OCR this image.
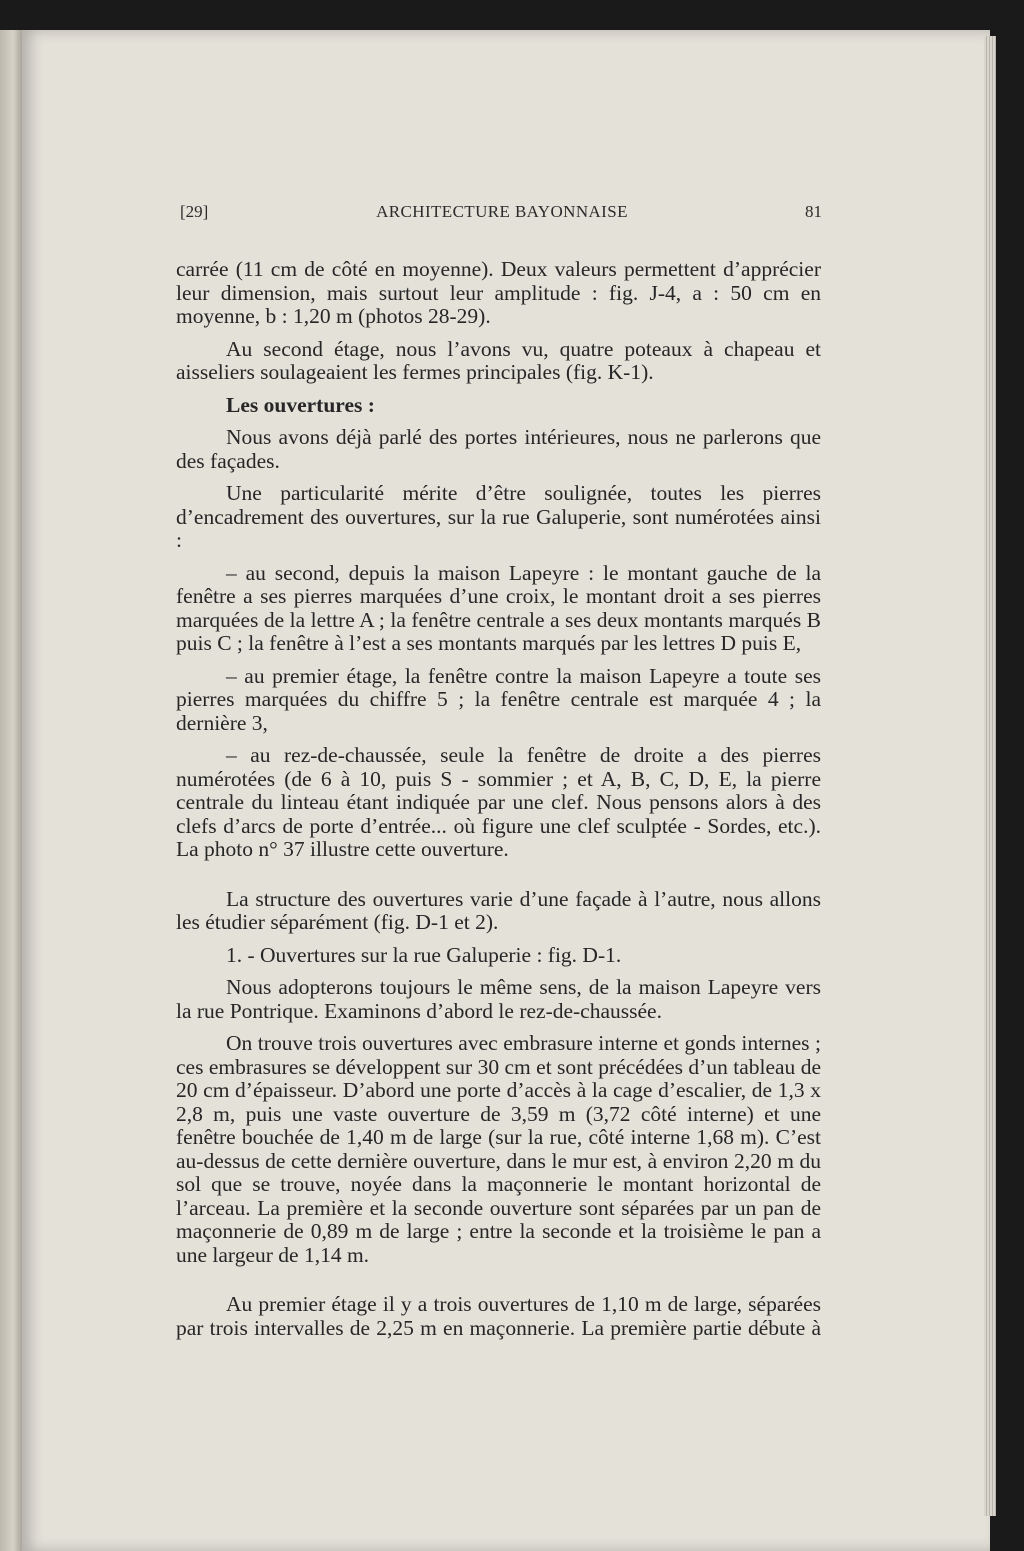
[29]	ARCHITECTURE BAYONNAISE	81

carrée (11 cm de côté en moyenne). Deux valeurs permettent d’apprécier leur dimension, mais surtout leur amplitude : fig. J-4, a : 50 cm en moyenne, b : 1,20 m (photos 28-29).

Au second étage, nous l’avons vu, quatre poteaux à chapeau et aisseliers soulageaient les fermes principales (fig. K-1).

Les ouvertures :

Nous avons déjà parlé des portes intérieures, nous ne parlerons que des façades.

Une particularité mérite d’être soulignée, toutes les pierres d’encadrement des ouvertures, sur la rue Galuperie, sont numérotées ainsi :

– au second, depuis la maison Lapeyre : le montant gauche de la fenêtre a ses pierres marquées d’une croix, le montant droit a ses pierres marquées de la lettre A ; la fenêtre centrale a ses deux montants marqués B puis C ; la fenêtre à l’est a ses montants marqués par les lettres D puis E,

– au premier étage, la fenêtre contre la maison Lapeyre a toute ses pierres marquées du chiffre 5 ; la fenêtre centrale est marquée 4 ; la dernière 3,

– au rez-de-chaussée, seule la fenêtre de droite a des pierres numérotées (de 6 à 10, puis S - sommier ; et A, B, C, D, E, la pierre centrale du linteau étant indiquée par une clef. Nous pensons alors à des clefs d’arcs de porte d’entrée... où figure une clef sculptée - Sordes, etc.). La photo n° 37 illustre cette ouverture.

La structure des ouvertures varie d’une façade à l’autre, nous allons les étudier séparément (fig. D-1 et 2).

1. - Ouvertures sur la rue Galuperie : fig. D-1.

Nous adopterons toujours le même sens, de la maison Lapeyre vers la rue Pontrique. Examinons d’abord le rez-de-chaussée.

On trouve trois ouvertures avec embrasure interne et gonds internes ; ces embrasures se développent sur 30 cm et sont précédées d’un tableau de 20 cm d’épaisseur. D’abord une porte d’accès à la cage d’escalier, de 1,3 x 2,8 m, puis une vaste ouverture de 3,59 m (3,72 côté interne) et une fenêtre bouchée de 1,40 m de large (sur la rue, côté interne 1,68 m). C’est au-dessus de cette dernière ouverture, dans le mur est, à environ 2,20 m du sol que se trouve, noyée dans la maçonnerie le montant horizontal de l’arceau. La première et la seconde ouverture sont séparées par un pan de maçonnerie de 0,89 m de large ; entre la seconde et la troisième le pan a une largeur de 1,14 m.

Au premier étage il y a trois ouvertures de 1,10 m de large, séparées par trois intervalles de 2,25 m en maçonnerie. La première partie débute à
